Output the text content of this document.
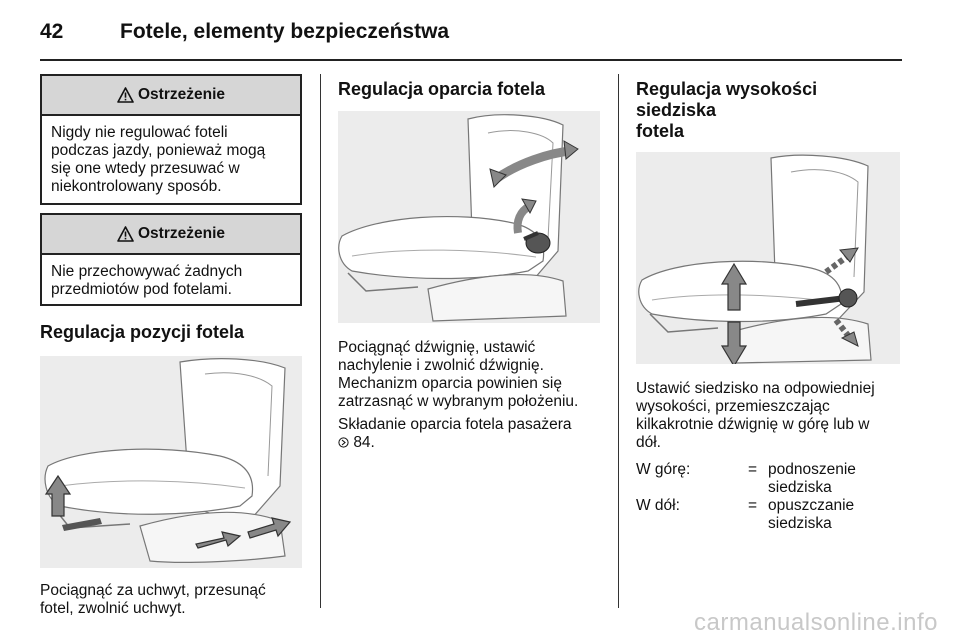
42	Fotele, elementy bezpieczeństwa
Ostrzeżenie
Nigdy nie regulować foteli
podczas jazdy, ponieważ mogą
się one wtedy przesuwać w
niekontrolowany sposób.
Ostrzeżenie
Nie przechowywać żadnych
przedmiotów pod fotelami.
Regulacja pozycji fotela

Pociągnąć za uchwyt, przesunąć
fotel, zwolnić uchwyt.

Regulacja oparcia fotela

Pociągnąć dźwignię, ustawić
nachylenie i zwolnić dźwignię.
Mechanizm oparcia powinien się
zatrzasnąć w wybranym położeniu.

Składanie oparcia fotela pasażera
84.

Regulacja wysokości siedziska
fotela

Ustawić siedzisko na odpowiedniej
wysokości, przemieszczając
kilkakrotnie dźwignię w górę lub w
dół.

W górę:	= podnoszenie
siedziska
W dół:	= opuszczanie
siedziska
carmanualsonline.info
